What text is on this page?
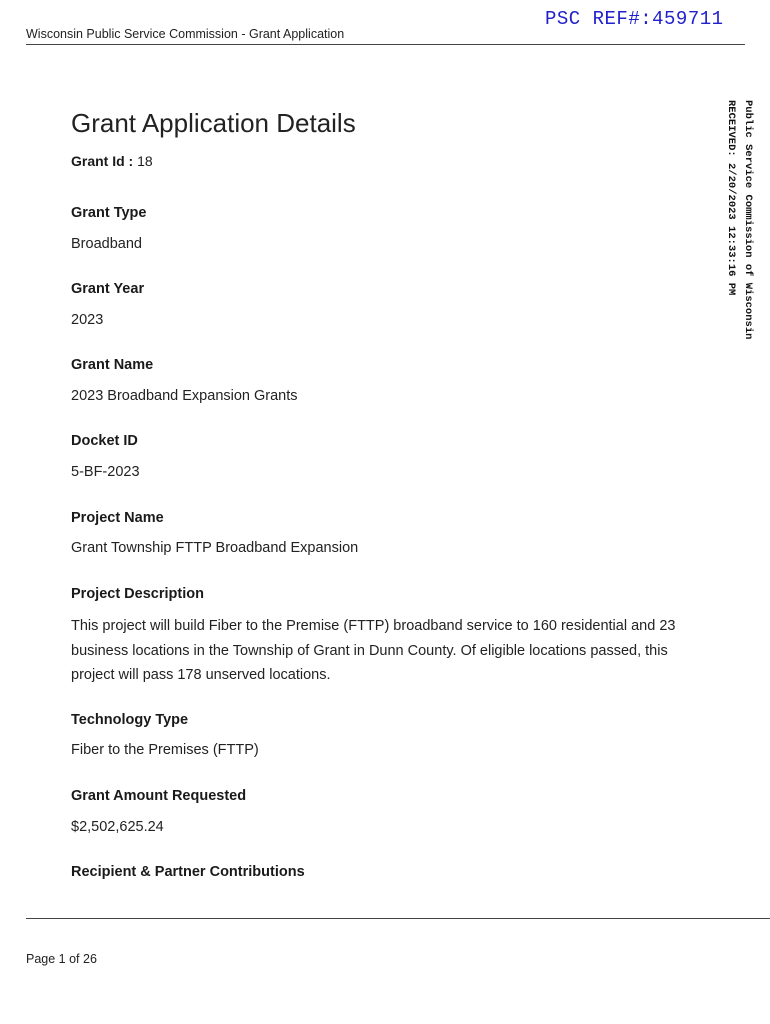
PSC REF#:459711
Wisconsin Public Service Commission - Grant Application
Public Service Commission of Wisconsin
RECEIVED: 2/20/2023 12:33:16 PM
Grant Application Details
Grant Id : 18
Grant Type
Broadband
Grant Year
2023
Grant Name
2023 Broadband Expansion Grants
Docket ID
5-BF-2023
Project Name
Grant Township FTTP Broadband Expansion
Project Description
This project will build Fiber to the Premise (FTTP) broadband service to 160 residential and 23 business locations in the Township of Grant in Dunn County. Of eligible locations passed, this project will pass 178 unserved locations.
Technology Type
Fiber to the Premises (FTTP)
Grant Amount Requested
$2,502,625.24
Recipient & Partner Contributions
Page 1 of 26
